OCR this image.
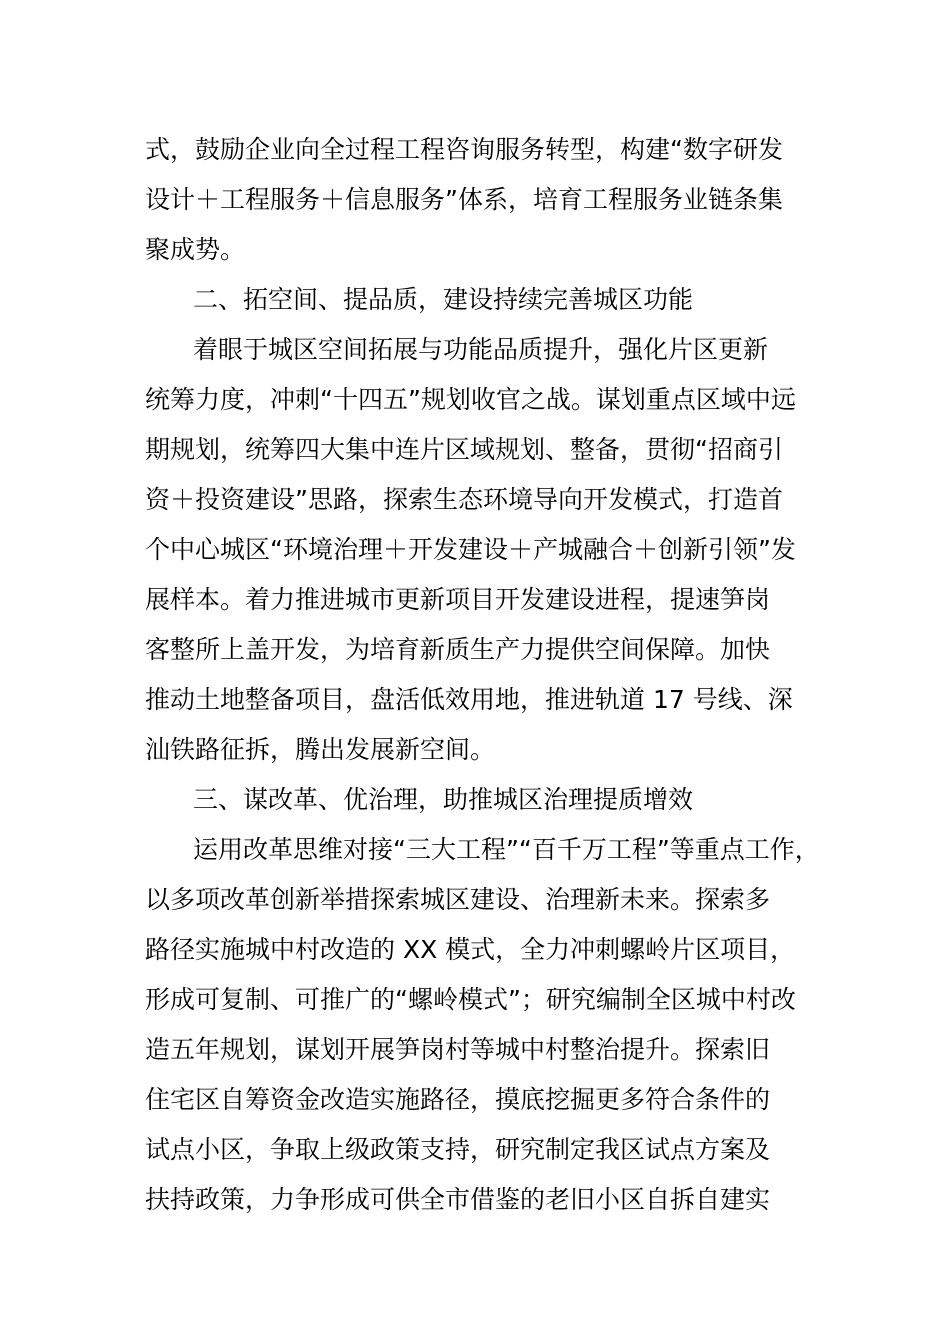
式，鼓励企业向全过程工程咨询服务转型，构建“数字研发
设计＋工程服务＋信息服务”体系，培育工程服务业链条集
聚成势。
二、拓空间、提品质，建设持续完善城区功能
着眼于城区空间拓展与功能品质提升，强化片区更新
统筹力度，冲刺“十四五”规划收官之战。谋划重点区域中远
期规划，统筹四大集中连片区域规划、整备，贯彻“招商引
资＋投资建设”思路，探索生态环境导向开发模式，打造首
个中心城区“环境治理＋开发建设＋产城融合＋创新引领”发
展样本。着力推进城市更新项目开发建设进程，提速笋岗
客整所上盖开发，为培育新质生产力提供空间保障。加快
推动土地整备项目，盘活低效用地，推进轨道 17 号线、深
汕铁路征拆，腾出发展新空间。
三、谋改革、优治理，助推城区治理提质增效
运用改革思维对接“三大工程”“百千万工程”等重点工作，
以多项改革创新举措探索城区建设、治理新未来。探索多
路径实施城中村改造的 XX 模式，全力冲刺螺岭片区项目，
形成可复制、可推广的“螺岭模式”；研究编制全区城中村改
造五年规划，谋划开展笋岗村等城中村整治提升。探索旧
住宅区自筹资金改造实施路径，摸底挖掘更多符合条件的
试点小区，争取上级政策支持，研究制定我区试点方案及
扶持政策，力争形成可供全市借鉴的老旧小区自拆自建实
